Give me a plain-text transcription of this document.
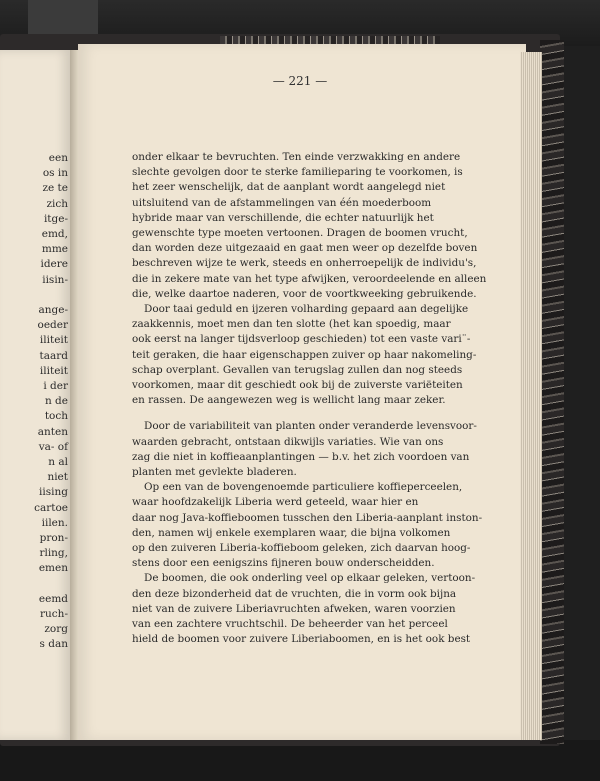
een
os in
ze te
zich
itge-
emd,
mme
idere
iisin-
ange-
oeder
iliteit
taard
iliteit
i der
n de
toch
anten
va- of
n al
niet
iising
cartoe
iilen.
pron-
rling,
emen
eemd
ruch-
zorg
s dan
— 221 —
onder elkaar te bevruchten. Ten einde verzwakking en andere
slechte gevolgen door te sterke familieparing te voorkomen, is
het zeer wenschelijk, dat de aanplant wordt aangelegd niet
uitsluitend van de afstammelingen van één moederboom
hybride maar van verschillende, die echter natuurlijk het
gewenschte type moeten vertoonen. Dragen de boomen vrucht,
dan worden deze uitgezaaid en gaat men weer op dezelfde boven
beschreven wijze te werk, steeds en onherroepelijk de individu's,
die in zekere mate van het type afwijken, veroordeelende en alleen
die, welke daartoe naderen, voor de voortkweeking gebruikende.
Door taai geduld en ijzeren volharding gepaard aan degelijke
zaakkennis, moet men dan ten slotte (het kan spoedig, maar
ook eerst na langer tijdsverloop geschieden) tot een vaste vari¨-
teit geraken, die haar eigenschappen zuiver op haar nakomeling-
schap overplant. Gevallen van terugslag zullen dan nog steeds
voorkomen, maar dit geschiedt ook bij de zuiverste variëteiten
en rassen. De aangewezen weg is wellicht lang maar zeker.
Door de variabiliteit van planten onder veranderde levensvoor-
waarden gebracht, ontstaan dikwijls variaties. Wie van ons
zag die niet in koffieaanplantingen — b.v. het zich voordoen van
planten met gevlekte bladeren.
Op een van de bovengenoemde particuliere koffieperceelen,
waar hoofdzakelijk Liberia werd geteeld, waar hier en
daar nog Java-koffieboomen tusschen den Liberia-aanplant inston-
den, namen wij enkele exemplaren waar, die bijna volkomen
op den zuiveren Liberia-koffieboom geleken, zich daarvan hoog-
stens door een eenigszins fijneren bouw onderscheidden.
De boomen, die ook onderling veel op elkaar geleken, vertoon-
den deze bizonderheid dat de vruchten, die in vorm ook bijna
niet van de zuivere Liberiavruchten afweken, waren voorzien
van een zachtere vruchtschil. De beheerder van het perceel
hield de boomen voor zuivere Liberiaboomen, en is het ook best
